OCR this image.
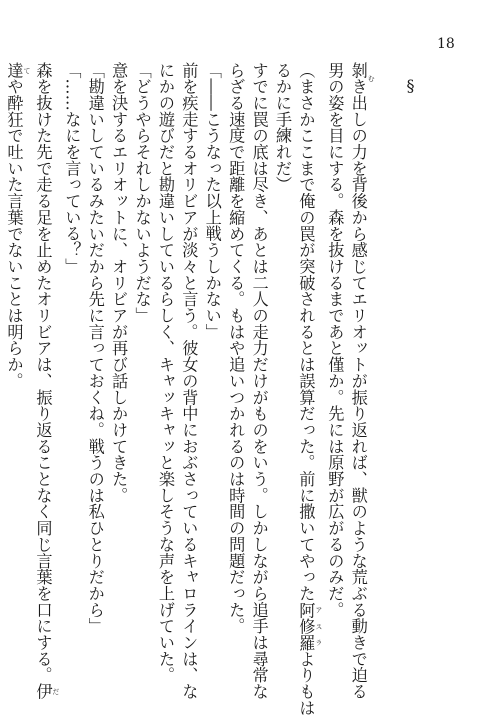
18
§
剝き む出しの力を背後から感じてエリオットが振り返れば、獣のような荒ぶる動きで迫る
男の姿を目にする。森を抜けるまであと僅か。先には原野が広がるのみだ。
（まさかここまで俺の罠が突破されるとは誤算だった。前に撒いてやった阿修羅 アスラよりもは
るかに手練れだ）
すでに罠の底は尽き、あとは二人の走力だけがものをいう。しかしながら追手は尋常な
らざる速度で距離を縮めてくる。もはや追いつかれるのは時間の問題だった。
「――こうなった以上戦うしかない」
前を疾走するオリビアが淡々と言う。彼女の背中におぶさっているキャロラインは、な
にかの遊びだと勘違いしているらしく、キャッキャッと楽しそうな声を上げていた。
「どうやらそれしかないようだな」
意を決するエリオットに、オリビアが再び話しかけてきた。
「勘違いしているみたいだから先に言っておくね。戦うのは私ひとりだから」
「……なにを言っている？」
森を抜けた先で走る足を止めたオリビアは、振り返ることなく同じ言葉を口にする。伊 だ
達 てや酔狂で吐いた言葉でないことは明らか。
